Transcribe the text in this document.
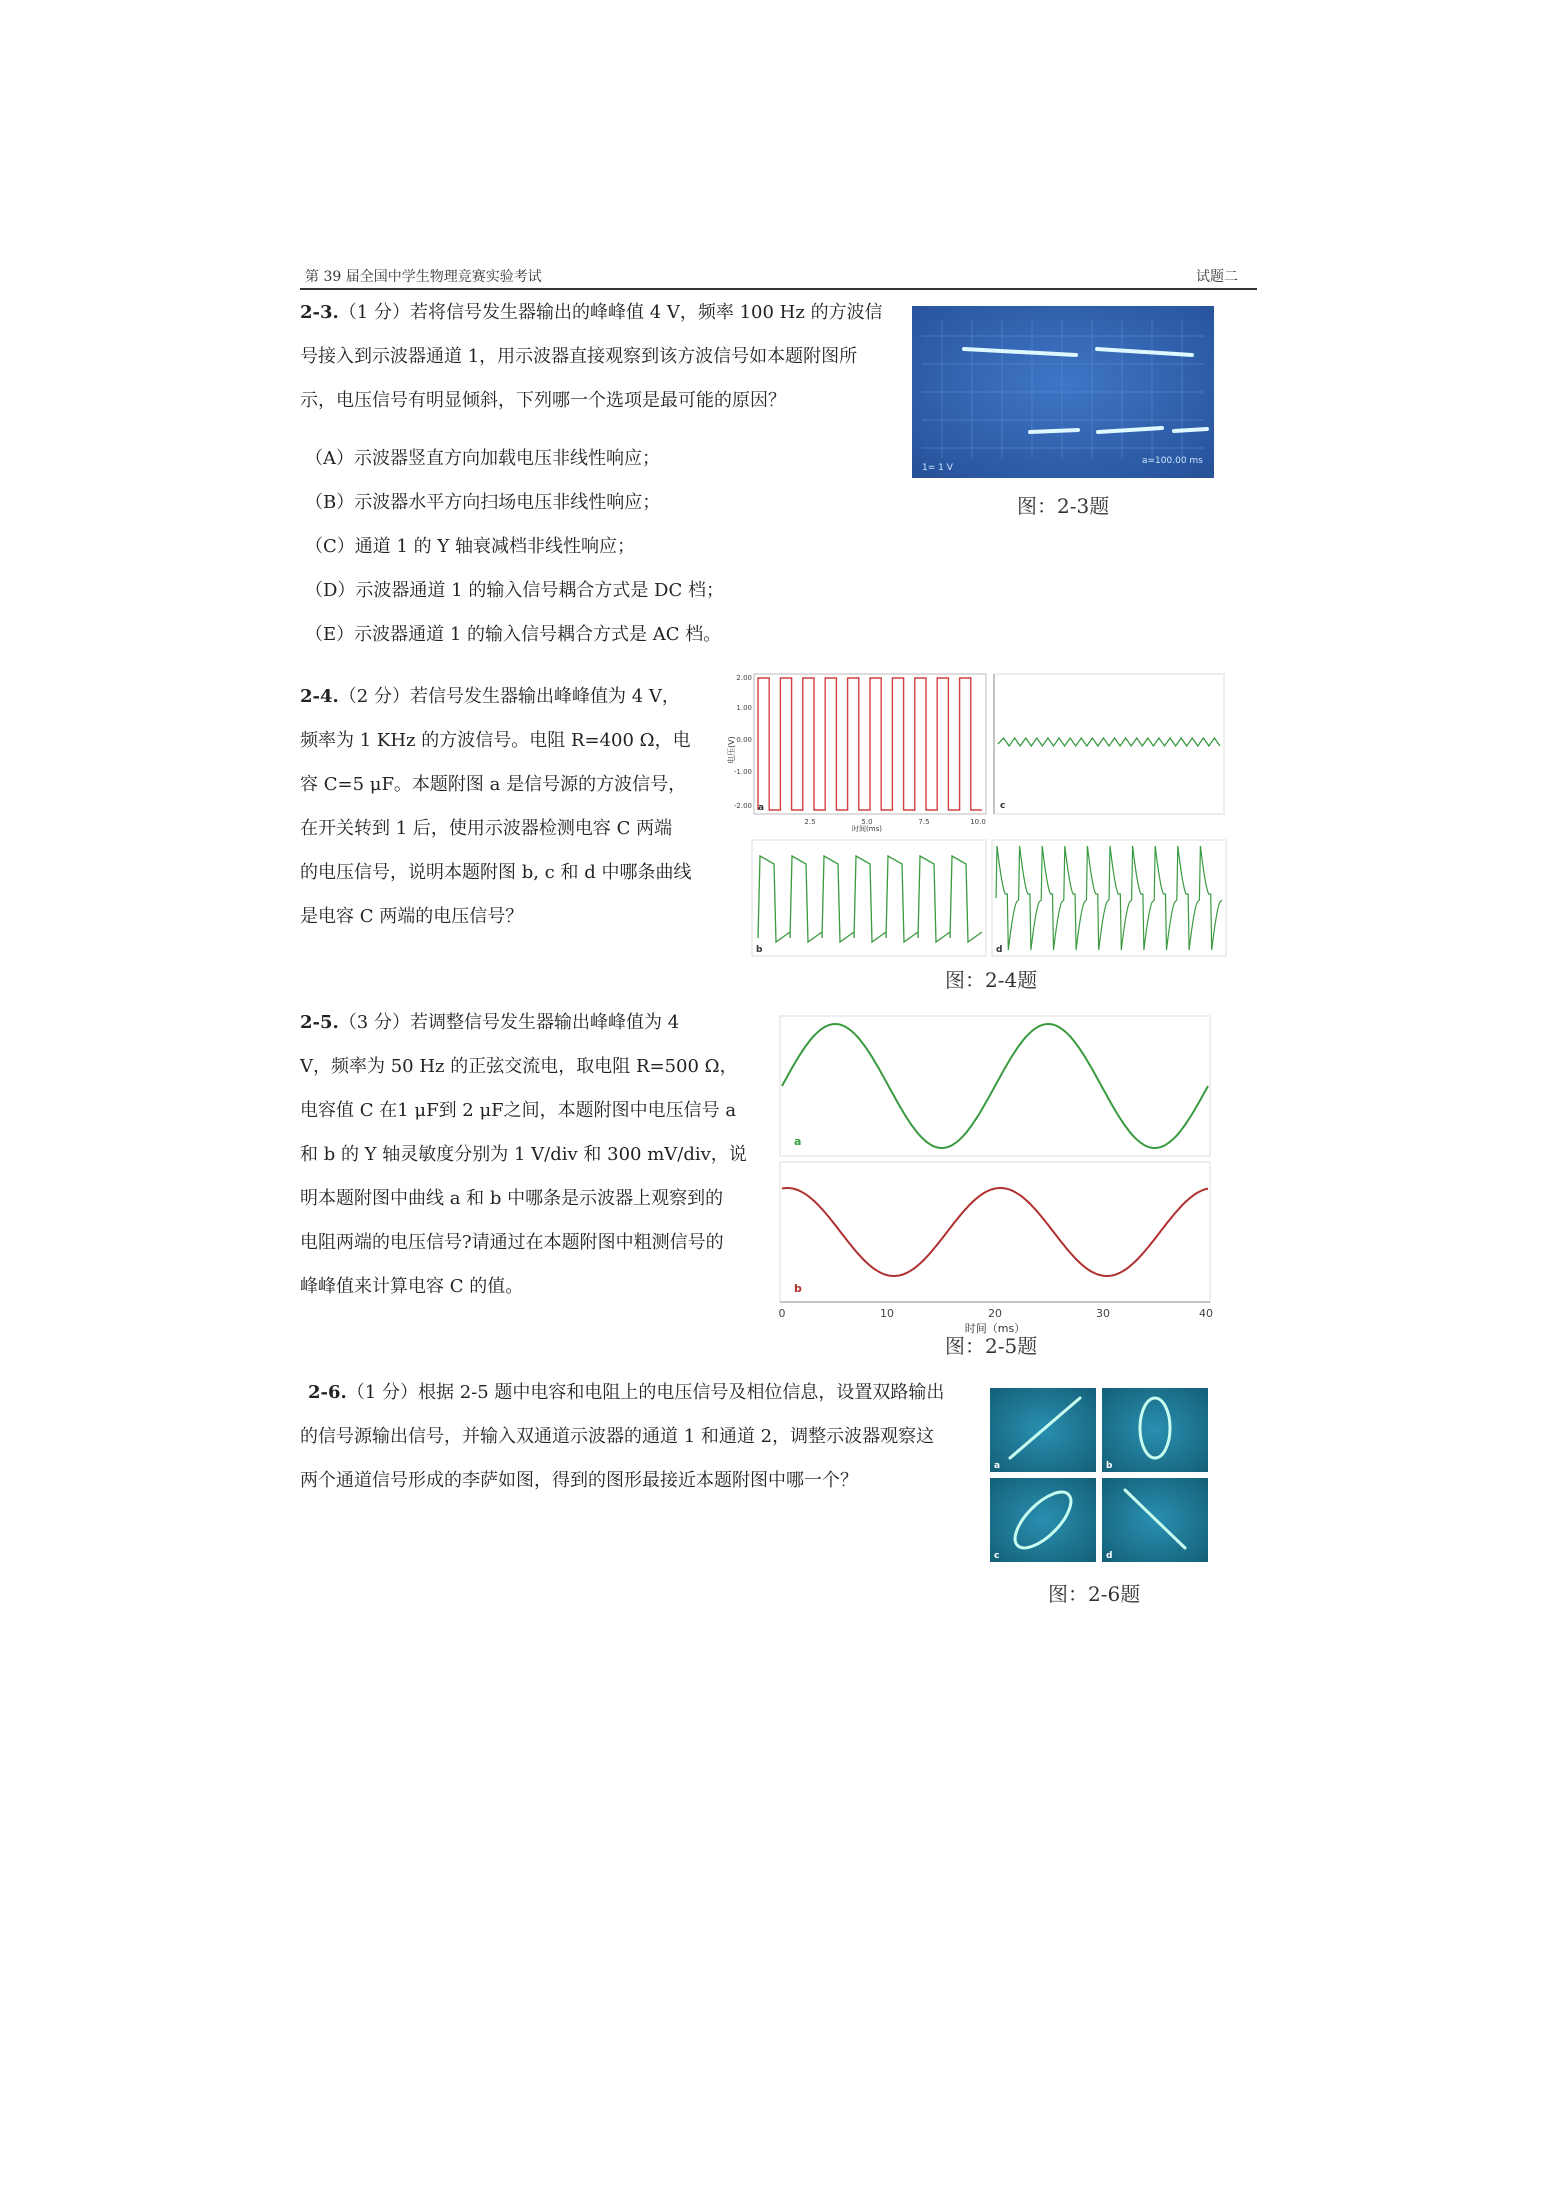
第 39 届全国中学生物理竞赛实验考试	试题二
2-3.（1 分）若将信号发生器输出的峰峰值 4 V，频率 100 Hz 的方波信
号接入到示波器通道 1，用示波器直接观察到该方波信号如本题附图所
示，电压信号有明显倾斜，下列哪一个选项是最可能的原因？
（A）示波器竖直方向加载电压非线性响应；
（B）示波器水平方向扫场电压非线性响应；
（C）通道 1 的 Y 轴衰减档非线性响应；
（D）示波器通道 1 的输入信号耦合方式是 DC 档；
（E）示波器通道 1 的输入信号耦合方式是 AC 档。
1= 1 V
a=100.00 ms
图：2-3题
2-4.（2 分）若信号发生器输出峰峰值为 4 V，
频率为 1 KHz 的方波信号。电阻 R=400 Ω，电
容 C=5 μF。本题附图 a 是信号源的方波信号，
在开关转到 1 后，使用示波器检测电容 C 两端
的电压信号，说明本题附图 b, c 和 d 中哪条曲线
是电容 C 两端的电压信号？
2.00
1.00
0.00
-1.00
-2.00
电压(V)
2.5	5.0	7.5	10.0
时间(ms)
a	c
b	d
图：2-4题
2-5.（3 分）若调整信号发生器输出峰峰值为 4
V，频率为 50 Hz 的正弦交流电，取电阻 R=500 Ω，
电容值 C 在1 μF到 2 μF之间，本题附图中电压信号 a
和 b 的 Y 轴灵敏度分别为 1 V/div 和 300 mV/div，说
明本题附图中曲线 a 和 b 中哪条是示波器上观察到的
电阻两端的电压信号?请通过在本题附图中粗测信号的
峰峰值来计算电容 C 的值。
a
b
0	10	20	30	40
时间（ms）
图：2-5题
2-6.（1 分）根据 2-5 题中电容和电阻上的电压信号及相位信息，设置双路输出
的信号源输出信号，并输入双通道示波器的通道 1 和通道 2，调整示波器观察这
两个通道信号形成的李萨如图，得到的图形最接近本题附图中哪一个？
a	b
c	d
图：2-6题
